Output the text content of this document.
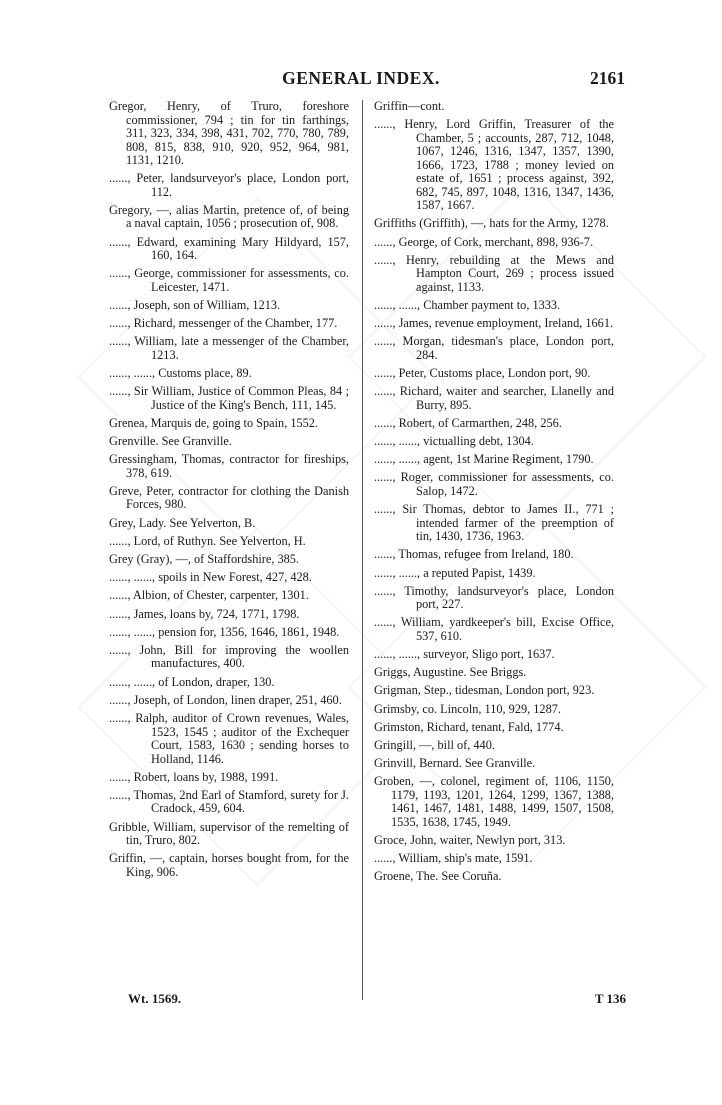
GENERAL INDEX.	2161

Gregor, Henry, of Truro, foreshore commissioner, 794 ; tin for tin farthings, 311, 323, 334, 398, 431, 702, 770, 780, 789, 808, 815, 838, 910, 920, 952, 964, 981, 1131, 1210.

......, Peter, landsurveyor's place, London port, 112.

Gregory, —, alias Martin, pretence of, of being a naval captain, 1056 ; prosecution of, 908.

......, Edward, examining Mary Hildyard, 157, 160, 164.

......, George, commissioner for assessments, co. Leicester, 1471.

......, Joseph, son of William, 1213.

......, Richard, messenger of the Chamber, 177.

......, William, late a messenger of the Chamber, 1213.

......, ......, Customs place, 89.

......, Sir William, Justice of Common Pleas, 84 ; Justice of the King's Bench, 111, 145.

Grenea, Marquis de, going to Spain, 1552.

Grenville. See Granville.

Gressingham, Thomas, contractor for fireships, 378, 619.

Greve, Peter, contractor for clothing the Danish Forces, 980.

Grey, Lady. See Yelverton, B.

......, Lord, of Ruthyn. See Yelverton, H.

Grey (Gray), —, of Staffordshire, 385.

......, ......, spoils in New Forest, 427, 428.

......, Albion, of Chester, carpenter, 1301.

......, James, loans by, 724, 1771, 1798.

......, ......, pension for, 1356, 1646, 1861, 1948.

......, John, Bill for improving the woollen manufactures, 400.

......, ......, of London, draper, 130.

......, Joseph, of London, linen draper, 251, 460.

......, Ralph, auditor of Crown revenues, Wales, 1523, 1545 ; auditor of the Exchequer Court, 1583, 1630 ; sending horses to Holland, 1146.

......, Robert, loans by, 1988, 1991.

......, Thomas, 2nd Earl of Stamford, surety for J. Cradock, 459, 604.

Gribble, William, supervisor of the remelting of tin, Truro, 802.

Griffin, —, captain, horses bought from, for the King, 906.

Griffin—cont.

......, Henry, Lord Griffin, Treasurer of the Chamber, 5 ; accounts, 287, 712, 1048, 1067, 1246, 1316, 1347, 1357, 1390, 1666, 1723, 1788 ; money levied on estate of, 1651 ; process against, 392, 682, 745, 897, 1048, 1316, 1347, 1436, 1587, 1667.

Griffiths (Griffith), —, hats for the Army, 1278.

......, George, of Cork, merchant, 898, 936-7.

......, Henry, rebuilding at the Mews and Hampton Court, 269 ; process issued against, 1133.

......, ......, Chamber payment to, 1333.

......, James, revenue employment, Ireland, 1661.

......, Morgan, tidesman's place, London port, 284.

......, Peter, Customs place, London port, 90.

......, Richard, waiter and searcher, Llanelly and Burry, 895.

......, Robert, of Carmarthen, 248, 256.

......, ......, victualling debt, 1304.

......, ......, agent, 1st Marine Regiment, 1790.

......, Roger, commissioner for assessments, co. Salop, 1472.

......, Sir Thomas, debtor to James II., 771 ; intended farmer of the preemption of tin, 1430, 1736, 1963.

......, Thomas, refugee from Ireland, 180.

......, ......, a reputed Papist, 1439.

......, Timothy, landsurveyor's place, London port, 227.

......, William, yardkeeper's bill, Excise Office, 537, 610.

......, ......, surveyor, Sligo port, 1637.

Griggs, Augustine. See Briggs.

Grigman, Step., tidesman, London port, 923.

Grimsby, co. Lincoln, 110, 929, 1287.

Grimston, Richard, tenant, Fald, 1774.

Gringill, —, bill of, 440.

Grinvill, Bernard. See Granville.

Groben, —, colonel, regiment of, 1106, 1150, 1179, 1193, 1201, 1264, 1299, 1367, 1388, 1461, 1467, 1481, 1488, 1499, 1507, 1508, 1535, 1638, 1745, 1949.

Groce, John, waiter, Newlyn port, 313.

......, William, ship's mate, 1591.

Groene, The. See Coruña.

Wt. 1569.	T 136
